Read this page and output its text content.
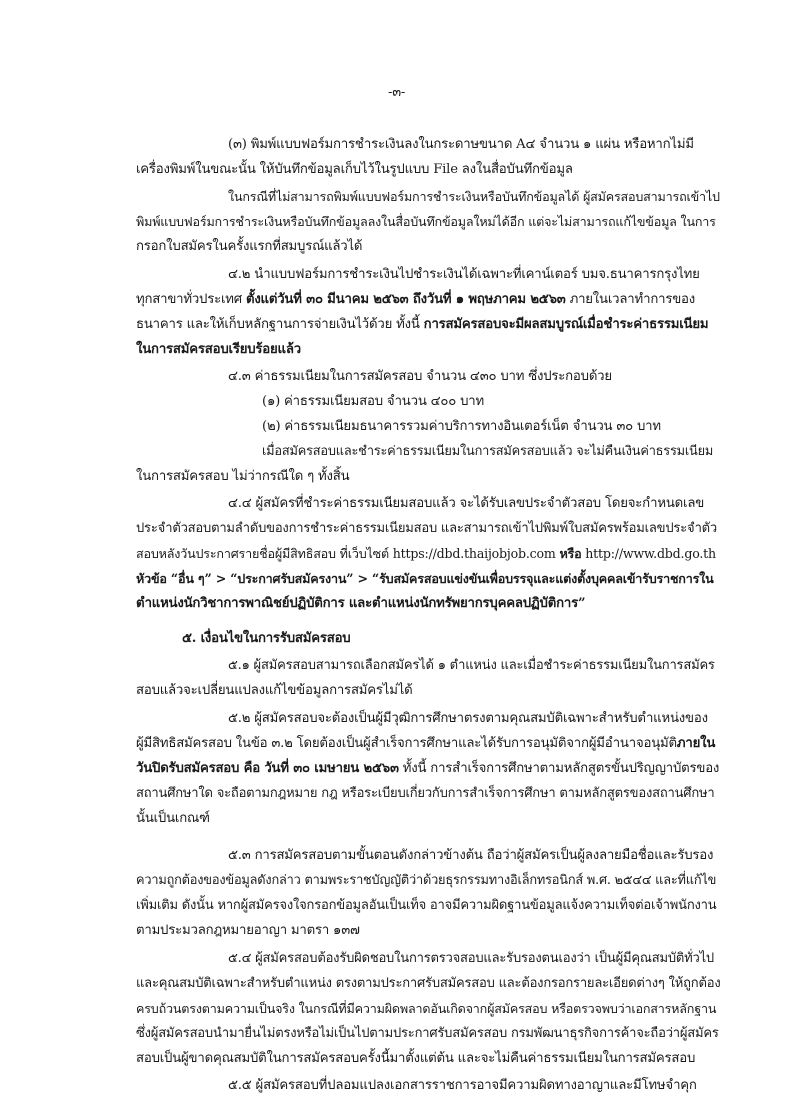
-๓-
(๓) พิมพ์แบบฟอร์มการชำระเงินลงในกระดาษขนาด A๔ จำนวน ๑ แผ่น หรือหากไม่มี
เครื่องพิมพ์ในขณะนั้น ให้บันทึกข้อมูลเก็บไว้ในรูปแบบ File ลงในสื่อบันทึกข้อมูล
ในกรณีที่ไม่สามารถพิมพ์แบบฟอร์มการชำระเงินหรือบันทึกข้อมูลได้ ผู้สมัครสอบสามารถเข้าไป
พิมพ์แบบฟอร์มการชำระเงินหรือบันทึกข้อมูลลงในสื่อบันทึกข้อมูลใหม่ได้อีก แต่จะไม่สามารถแก้ไขข้อมูล ในการ
กรอกใบสมัครในครั้งแรกที่สมบูรณ์แล้วได้
๔.๒ นำแบบฟอร์มการชำระเงินไปชำระเงินได้เฉพาะที่เคาน์เตอร์ บมจ.ธนาคารกรุงไทย
ทุกสาขาทั่วประเทศ ตั้งแต่วันที่ ๓๐ มีนาคม ๒๕๖๓ ถึงวันที่ ๑ พฤษภาคม ๒๕๖๓ ภายในเวลาทำการของ
ธนาคาร และให้เก็บหลักฐานการจ่ายเงินไว้ด้วย ทั้งนี้ การสมัครสอบจะมีผลสมบูรณ์เมื่อชำระค่าธรรมเนียม
ในการสมัครสอบเรียบร้อยแล้ว
๔.๓ ค่าธรรมเนียมในการสมัครสอบ จำนวน ๔๓๐ บาท ซึ่งประกอบด้วย
(๑) ค่าธรรมเนียมสอบ จำนวน ๔๐๐ บาท
(๒) ค่าธรรมเนียมธนาคารรวมค่าบริการทางอินเตอร์เน็ต จำนวน ๓๐ บาท
เมื่อสมัครสอบและชำระค่าธรรมเนียมในการสมัครสอบแล้ว จะไม่คืนเงินค่าธรรมเนียม
ในการสมัครสอบ ไม่ว่ากรณีใด ๆ ทั้งสิ้น
๔.๔ ผู้สมัครที่ชำระค่าธรรมเนียมสอบแล้ว จะได้รับเลขประจำตัวสอบ โดยจะกำหนดเลข
ประจำตัวสอบตามลำดับของการชำระค่าธรรมเนียมสอบ และสามารถเข้าไปพิมพ์ใบสมัครพร้อมเลขประจำตัว
สอบหลังวันประกาศรายชื่อผู้มีสิทธิสอบ ที่เว็บไซต์ https://dbd.thaijobjob.com หรือ http://www.dbd.go.th
หัวข้อ “อื่น ๆ” > “ประกาศรับสมัครงาน” > “รับสมัครสอบแข่งขันเพื่อบรรจุและแต่งตั้งบุคคลเข้ารับราชการใน
ตำแหน่งนักวิชาการพาณิชย์ปฏิบัติการ และตำแหน่งนักทรัพยากรบุคคลปฏิบัติการ”
๕. เงื่อนไขในการรับสมัครสอบ
๕.๑ ผู้สมัครสอบสามารถเลือกสมัครได้ ๑ ตำแหน่ง และเมื่อชำระค่าธรรมเนียมในการสมัคร
สอบแล้วจะเปลี่ยนแปลงแก้ไขข้อมูลการสมัครไม่ได้
๕.๒ ผู้สมัครสอบจะต้องเป็นผู้มีวุฒิการศึกษาตรงตามคุณสมบัติเฉพาะสำหรับตำแหน่งของ
ผู้มีสิทธิสมัครสอบ ในข้อ ๓.๒ โดยต้องเป็นผู้สำเร็จการศึกษาและได้รับการอนุมัติจากผู้มีอำนาจอนุมัติภายใน
วันปิดรับสมัครสอบ คือ วันที่ ๓๐ เมษายน ๒๕๖๓ ทั้งนี้ การสำเร็จการศึกษาตามหลักสูตรขั้นปริญญาบัตรของ
สถานศึกษาใด จะถือตามกฎหมาย กฎ หรือระเบียบเกี่ยวกับการสำเร็จการศึกษา ตามหลักสูตรของสถานศึกษา
นั้นเป็นเกณฑ์
๕.๓ การสมัครสอบตามขั้นตอนดังกล่าวข้างต้น ถือว่าผู้สมัครเป็นผู้ลงลายมือชื่อและรับรอง
ความถูกต้องของข้อมูลดังกล่าว ตามพระราชบัญญัติว่าด้วยธุรกรรมทางอิเล็กทรอนิกส์ พ.ศ. ๒๕๔๔ และที่แก้ไข
เพิ่มเติม ดังนั้น หากผู้สมัครจงใจกรอกข้อมูลอันเป็นเท็จ อาจมีความผิดฐานข้อมูลแจ้งความเท็จต่อเจ้าพนักงาน
ตามประมวลกฎหมายอาญา มาตรา ๑๓๗
๕.๔ ผู้สมัครสอบต้องรับผิดชอบในการตรวจสอบและรับรองตนเองว่า เป็นผู้มีคุณสมบัติทั่วไป
และคุณสมบัติเฉพาะสำหรับตำแหน่ง ตรงตามประกาศรับสมัครสอบ และต้องกรอกรายละเอียดต่างๆ ให้ถูกต้อง
ครบถ้วนตรงตามความเป็นจริง ในกรณีที่มีความผิดพลาดอันเกิดจากผู้สมัครสอบ หรือตรวจพบว่าเอกสารหลักฐาน
ซึ่งผู้สมัครสอบนำมายื่นไม่ตรงหรือไม่เป็นไปตามประกาศรับสมัครสอบ กรมพัฒนาธุรกิจการค้าจะถือว่าผู้สมัคร
สอบเป็นผู้ขาดคุณสมบัติในการสมัครสอบครั้งนี้มาตั้งแต่ต้น และจะไม่คืนค่าธรรมเนียมในการสมัครสอบ
๕.๕ ผู้สมัครสอบที่ปลอมแปลงเอกสารราชการอาจมีความผิดทางอาญาและมีโทษจำคุก
